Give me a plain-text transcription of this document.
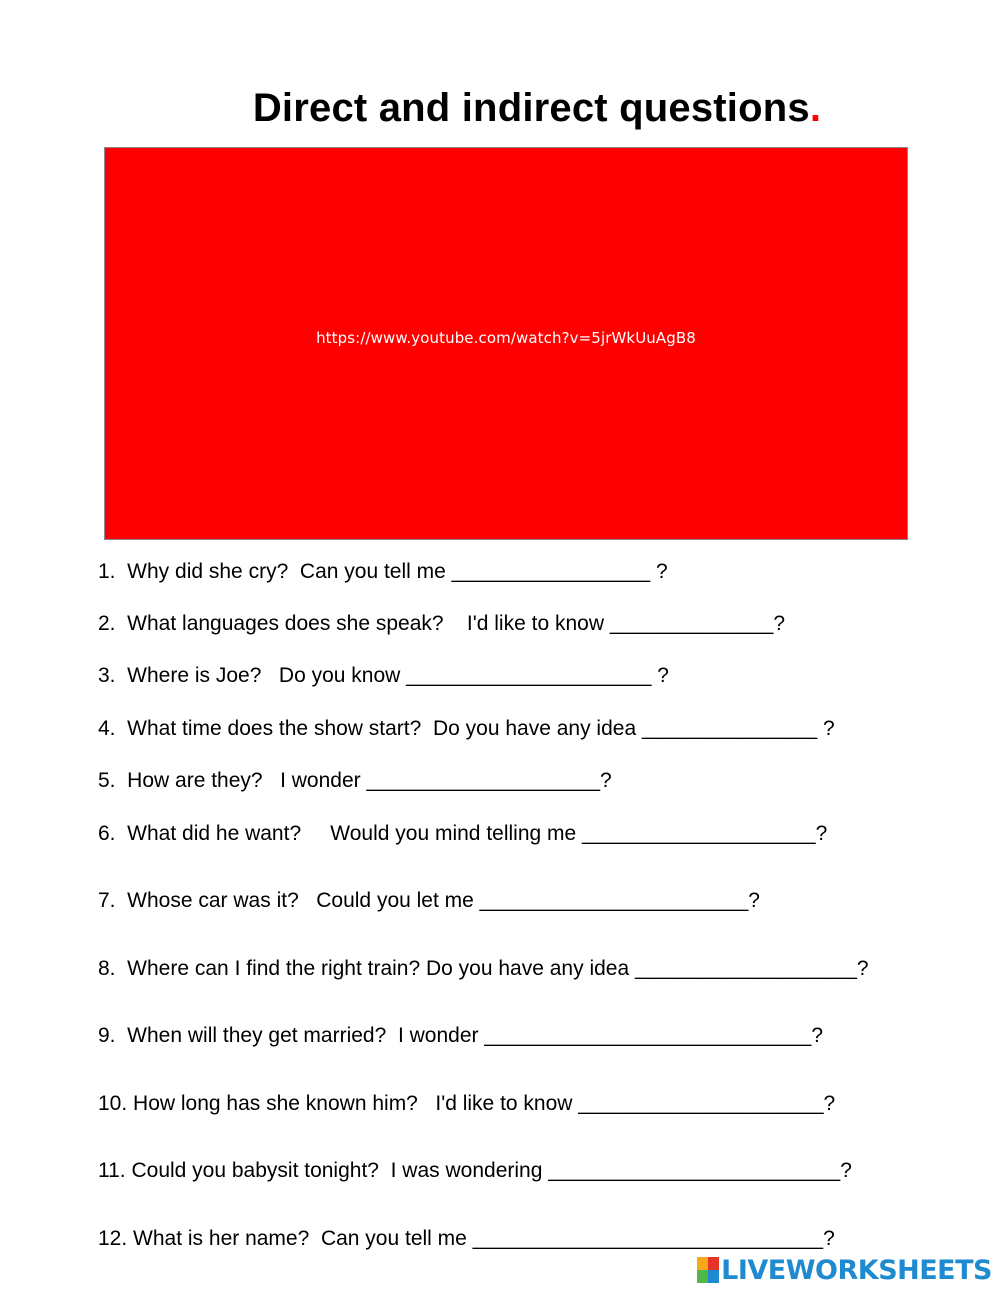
Direct and indirect questions.
https://www.youtube.com/watch?v=5jrWkUuAgB8
1.  Why did she cry?  Can you tell me _________________ ?
2.  What languages does she speak?    I'd like to know ______________?
3.  Where is Joe?   Do you know _____________________ ?
4.  What time does the show start?  Do you have any idea _______________ ?
5.  How are they?   I wonder ____________________?
6.  What did he want?     Would you mind telling me ____________________?
7.  Whose car was it?   Could you let me _______________________?
8.  Where can I find the right train? Do you have any idea ___________________?
9.  When will they get married?  I wonder ____________________________?
10. How long has she known him?   I'd like to know _____________________?
11. Could you babysit tonight?  I was wondering _________________________?
12. What is her name?  Can you tell me ______________________________?
LIVEWORKSHEETS
